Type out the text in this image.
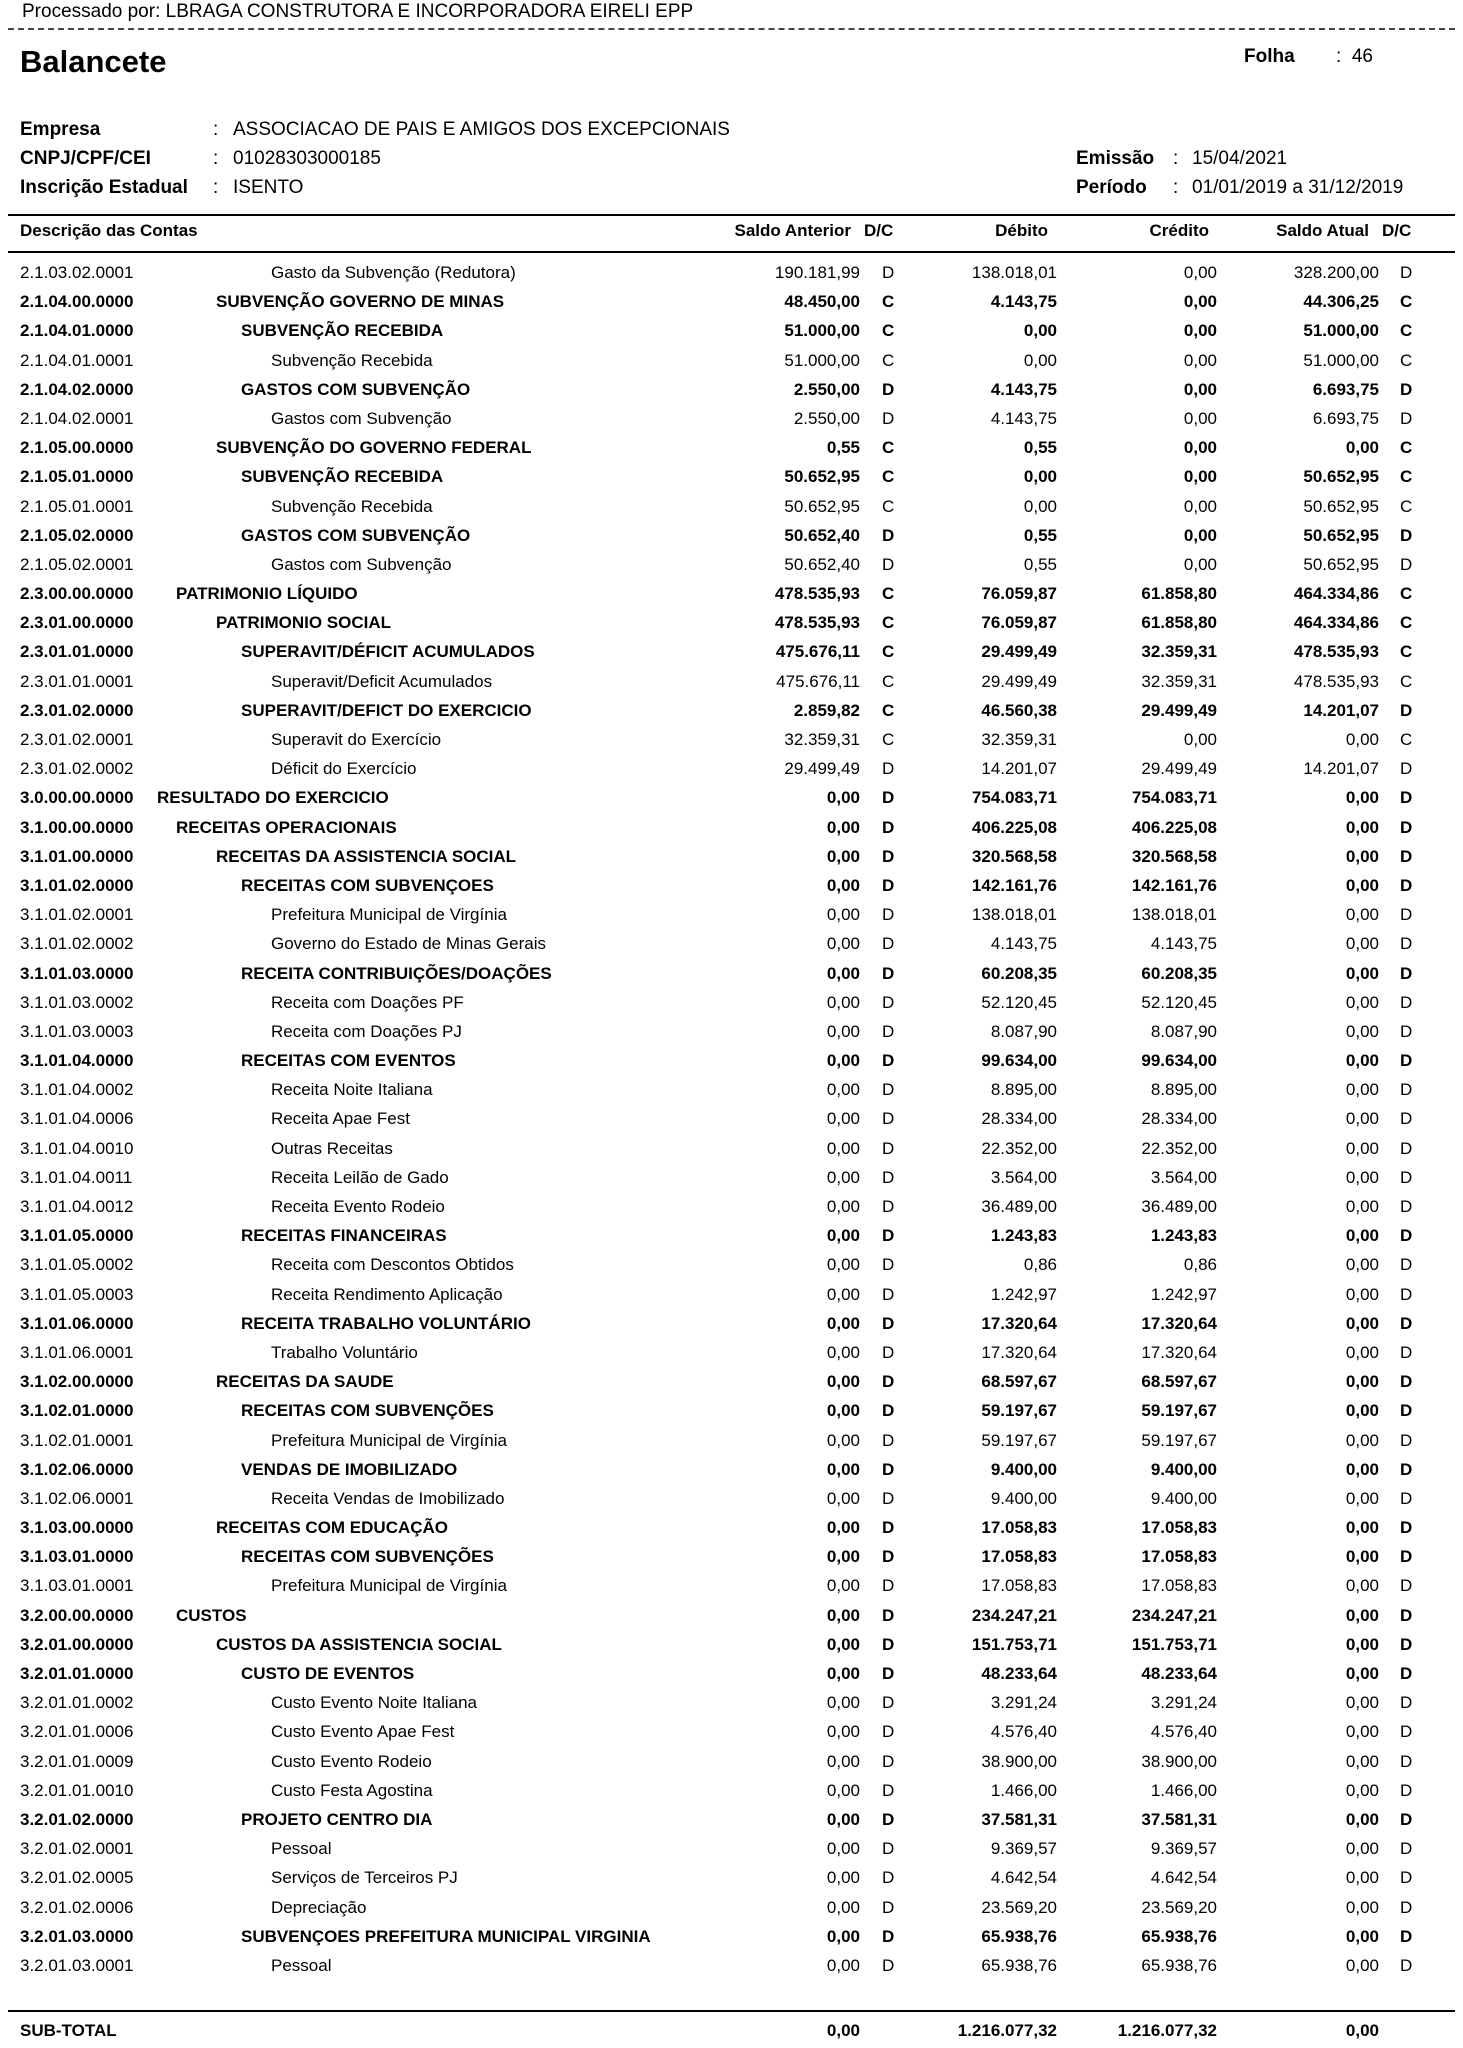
Processado por: LBRAGA CONSTRUTORA E INCORPORADORA EIRELI EPP
Balancete	Folha : 46
Empresa	: ASSOCIACAO DE PAIS E AMIGOS DOS EXCEPCIONAIS
CNPJ/CPF/CEI	: 01028303000185
Inscrição Estadual : ISENTO
Emissão : 15/04/2021
Período : 01/01/2019 a 31/12/2019
Descrição das Contas	Saldo Anterior D/C	Débito	Crédito	Saldo Atual D/C
2.1.03.02.0001	Gasto da Subvenção (Redutora)	190.181,99 D	138.018,01	0,00	328.200,00 D
2.1.04.00.0000	SUBVENÇÃO GOVERNO DE MINAS	48.450,00 C	4.143,75	0,00	44.306,25 C
2.1.04.01.0000	SUBVENÇÃO RECEBIDA	51.000,00 C	0,00	0,00	51.000,00 C
2.1.04.01.0001	Subvenção Recebida	51.000,00 C	0,00	0,00	51.000,00 C
2.1.04.02.0000	GASTOS COM SUBVENÇÃO	2.550,00 D	4.143,75	0,00	6.693,75 D
2.1.04.02.0001	Gastos com Subvenção	2.550,00 D	4.143,75	0,00	6.693,75 D
2.1.05.00.0000	SUBVENÇÃO DO GOVERNO FEDERAL	0,55 C	0,55	0,00	0,00 C
2.1.05.01.0000	SUBVENÇÃO RECEBIDA	50.652,95 C	0,00	0,00	50.652,95 C
2.1.05.01.0001	Subvenção Recebida	50.652,95 C	0,00	0,00	50.652,95 C
2.1.05.02.0000	GASTOS COM SUBVENÇÃO	50.652,40 D	0,55	0,00	50.652,95 D
2.1.05.02.0001	Gastos com Subvenção	50.652,40 D	0,55	0,00	50.652,95 D
2.3.00.00.0000	PATRIMONIO LÍQUIDO	478.535,93 C	76.059,87	61.858,80	464.334,86 C
2.3.01.00.0000	PATRIMONIO SOCIAL	478.535,93 C	76.059,87	61.858,80	464.334,86 C
2.3.01.01.0000	SUPERAVIT/DÉFICIT ACUMULADOS	475.676,11 C	29.499,49	32.359,31	478.535,93 C
2.3.01.01.0001	Superavit/Deficit Acumulados	475.676,11 C	29.499,49	32.359,31	478.535,93 C
2.3.01.02.0000	SUPERAVIT/DEFICT DO EXERCICIO	2.859,82 C	46.560,38	29.499,49	14.201,07 D
2.3.01.02.0001	Superavit do Exercício	32.359,31 C	32.359,31	0,00	0,00 C
2.3.01.02.0002	Déficit do Exercício	29.499,49 D	14.201,07	29.499,49	14.201,07 D
3.0.00.00.0000 RESULTADO DO EXERCICIO	0,00 D	754.083,71	754.083,71	0,00 D
3.1.00.00.0000	RECEITAS OPERACIONAIS	0,00 D	406.225,08	406.225,08	0,00 D
3.1.01.00.0000	RECEITAS DA ASSISTENCIA SOCIAL	0,00 D	320.568,58	320.568,58	0,00 D
3.1.01.02.0000	RECEITAS COM SUBVENÇOES	0,00 D	142.161,76	142.161,76	0,00 D
3.1.01.02.0001	Prefeitura Municipal de Virgínia	0,00 D	138.018,01	138.018,01	0,00 D
3.1.01.02.0002	Governo do Estado de Minas Gerais	0,00 D	4.143,75	4.143,75	0,00 D
3.1.01.03.0000	RECEITA CONTRIBUIÇÕES/DOAÇÕES	0,00 D	60.208,35	60.208,35	0,00 D
3.1.01.03.0002	Receita com Doações PF	0,00 D	52.120,45	52.120,45	0,00 D
3.1.01.03.0003	Receita com Doações PJ	0,00 D	8.087,90	8.087,90	0,00 D
3.1.01.04.0000	RECEITAS COM EVENTOS	0,00 D	99.634,00	99.634,00	0,00 D
3.1.01.04.0002	Receita Noite Italiana	0,00 D	8.895,00	8.895,00	0,00 D
3.1.01.04.0006	Receita Apae Fest	0,00 D	28.334,00	28.334,00	0,00 D
3.1.01.04.0010	Outras Receitas	0,00 D	22.352,00	22.352,00	0,00 D
3.1.01.04.0011	Receita Leilão de Gado	0,00 D	3.564,00	3.564,00	0,00 D
3.1.01.04.0012	Receita Evento Rodeio	0,00 D	36.489,00	36.489,00	0,00 D
3.1.01.05.0000	RECEITAS FINANCEIRAS	0,00 D	1.243,83	1.243,83	0,00 D
3.1.01.05.0002	Receita com Descontos Obtidos	0,00 D	0,86	0,86	0,00 D
3.1.01.05.0003	Receita Rendimento Aplicação	0,00 D	1.242,97	1.242,97	0,00 D
3.1.01.06.0000	RECEITA TRABALHO VOLUNTÁRIO	0,00 D	17.320,64	17.320,64	0,00 D
3.1.01.06.0001	Trabalho Voluntário	0,00 D	17.320,64	17.320,64	0,00 D
3.1.02.00.0000	RECEITAS DA SAUDE	0,00 D	68.597,67	68.597,67	0,00 D
3.1.02.01.0000	RECEITAS COM SUBVENÇÕES	0,00 D	59.197,67	59.197,67	0,00 D
3.1.02.01.0001	Prefeitura Municipal de Virgínia	0,00 D	59.197,67	59.197,67	0,00 D
3.1.02.06.0000	VENDAS DE IMOBILIZADO	0,00 D	9.400,00	9.400,00	0,00 D
3.1.02.06.0001	Receita Vendas de Imobilizado	0,00 D	9.400,00	9.400,00	0,00 D
3.1.03.00.0000	RECEITAS COM EDUCAÇÃO	0,00 D	17.058,83	17.058,83	0,00 D
3.1.03.01.0000	RECEITAS COM SUBVENÇÕES	0,00 D	17.058,83	17.058,83	0,00 D
3.1.03.01.0001	Prefeitura Municipal de Virgínia	0,00 D	17.058,83	17.058,83	0,00 D
3.2.00.00.0000	CUSTOS	0,00 D	234.247,21	234.247,21	0,00 D
3.2.01.00.0000	CUSTOS DA ASSISTENCIA SOCIAL	0,00 D	151.753,71	151.753,71	0,00 D
3.2.01.01.0000	CUSTO DE EVENTOS	0,00 D	48.233,64	48.233,64	0,00 D
3.2.01.01.0002	Custo Evento Noite Italiana	0,00 D	3.291,24	3.291,24	0,00 D
3.2.01.01.0006	Custo Evento Apae Fest	0,00 D	4.576,40	4.576,40	0,00 D
3.2.01.01.0009	Custo Evento Rodeio	0,00 D	38.900,00	38.900,00	0,00 D
3.2.01.01.0010	Custo Festa Agostina	0,00 D	1.466,00	1.466,00	0,00 D
3.2.01.02.0000	PROJETO CENTRO DIA	0,00 D	37.581,31	37.581,31	0,00 D
3.2.01.02.0001	Pessoal	0,00 D	9.369,57	9.369,57	0,00 D
3.2.01.02.0005	Serviços de Terceiros PJ	0,00 D	4.642,54	4.642,54	0,00 D
3.2.01.02.0006	Depreciação	0,00 D	23.569,20	23.569,20	0,00 D
3.2.01.03.0000	SUBVENÇOES PREFEITURA MUNICIPAL VIRGINIA	0,00 D	65.938,76	65.938,76	0,00 D
3.2.01.03.0001	Pessoal	0,00 D	65.938,76	65.938,76	0,00 D
SUB-TOTAL	0,00	1.216.077,32	1.216.077,32	0,00
